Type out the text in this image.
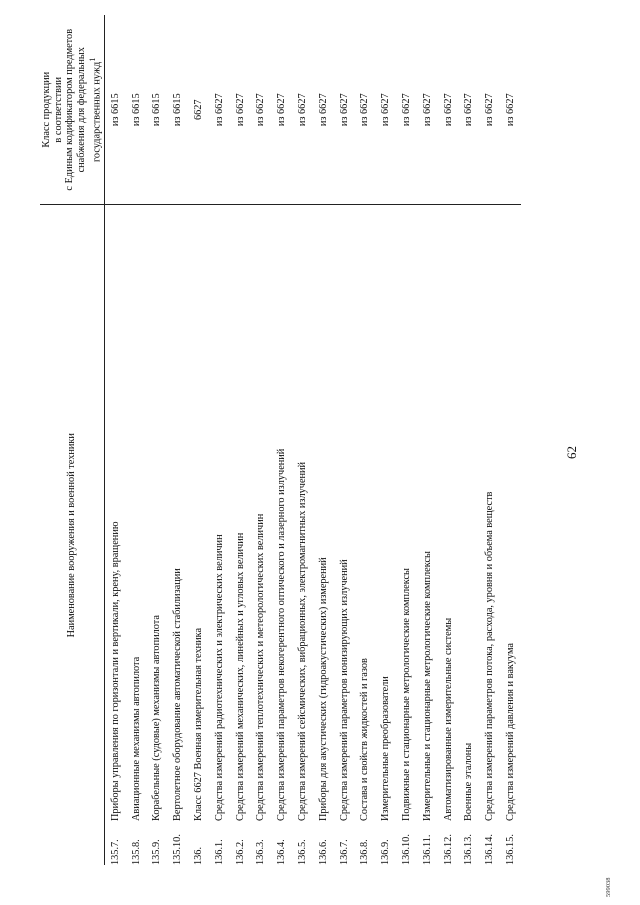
62
Наименование вооружения и военной техники		Класс продукции
в соответствии
с Единым кодификатором предметов
снабжения для федеральных государственных нужд$^1$
135.7.	Приборы управления по горизонтали и вертикали, крену, вращению	из 6615
135.8.	Авиационные механизмы автопилота	из 6615
135.9.	Корабельные (судовые) механизмы автопилота	из 6615
135.10.	Вертолетное оборудование автоматической стабилизации	из 6615
136.	Класс 6627 Военная измерительная техника	6627
136.1.	Средства измерений радиотехнических и электрических величин	из 6627
136.2.	Средства измерений механических, линейных и угловых величин	из 6627
136.3.	Средства измерений теплотехнических и метеорологических величин	из 6627
136.4.	Средства измерений параметров некогерентного оптического и лазерного излучений	из 6627
136.5.	Средства измерений сейсмических, вибрационных, электромагнитных излучений	из 6627
136.6.	Приборы для акустических (гидроакустических) измерений	из 6627
136.7.	Средства измерений параметров ионизирующих излучений	из 6627
136.8.	Состава и свойств жидкостей и газов	из 6627
136.9.	Измерительные преобразователи	из 6627
136.10.	Подвижные и стационарные метрологические комплексы	из 6627
136.11.	Измерительные и стационарные метрологические комплексы	из 6627
136.12.	Автоматизированные измерительные системы	из 6627
136.13.	Военные эталоны	из 6627
136.14.	Средства измерений параметров потока, расхода, уровня и объема веществ	из 6627
136.15.	Средства измерений давления и вакуума	из 6627
599038
